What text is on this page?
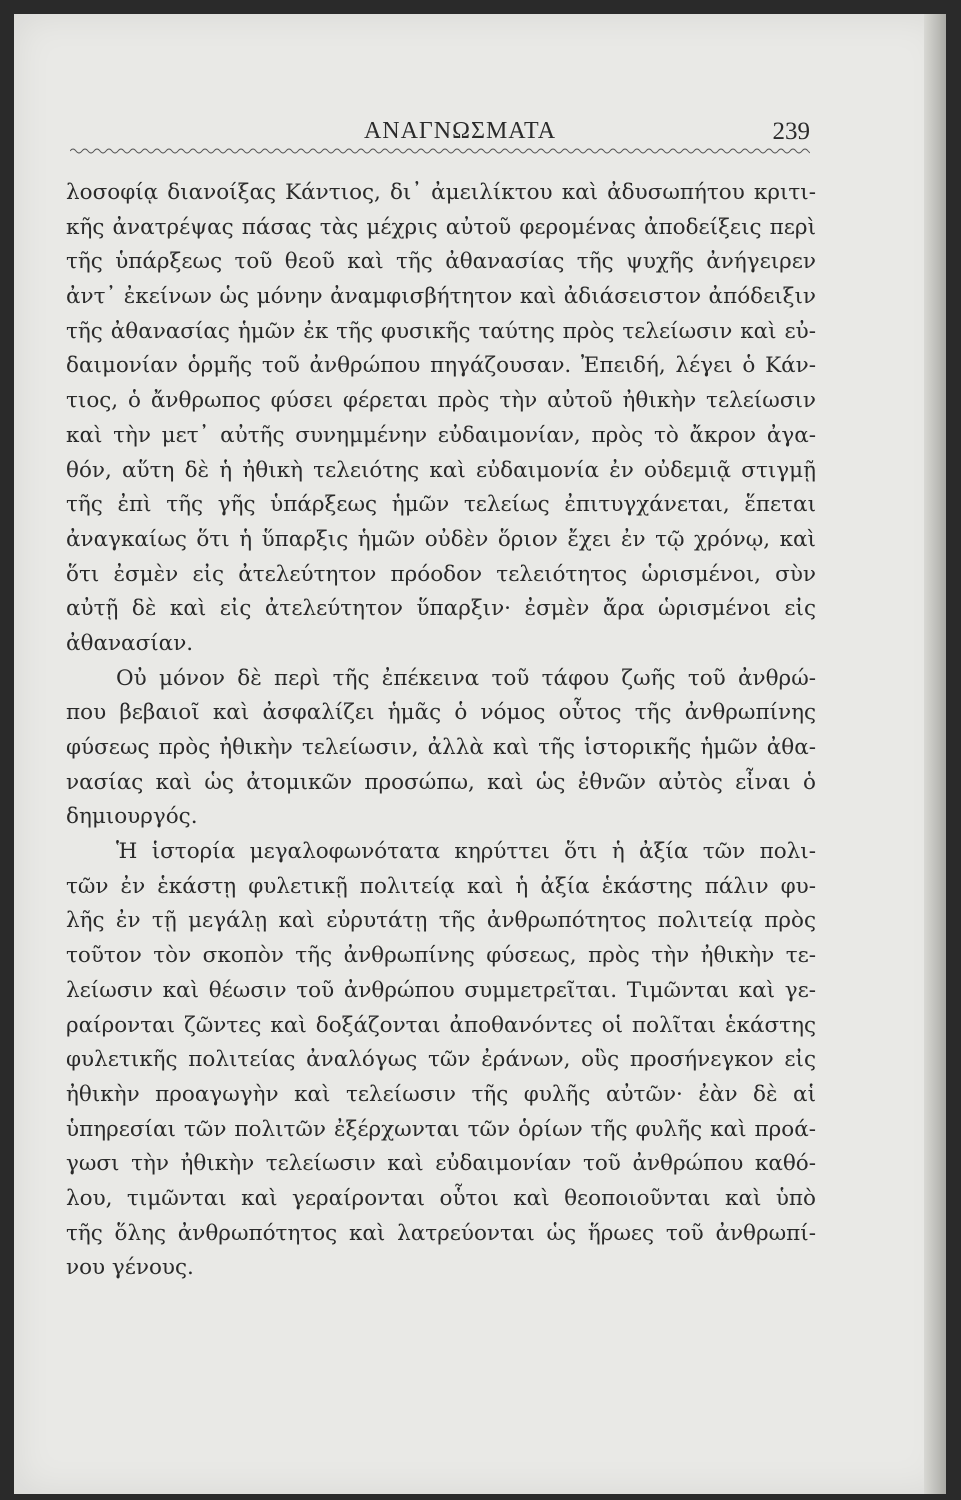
ΑΝΑΓΝΩΣΜΑΤΑ	239
λοσοφίᾳ διανοίξας Κάντιος, δι᾽ ἀμειλίκτου καὶ ἀδυσωπήτου κριτι-
κῆς ἀνατρέψας πάσας τὰς μέχρις αὐτοῦ φερομένας ἀποδείξεις περὶ
τῆς ὑπάρξεως τοῦ θεοῦ καὶ τῆς ἀθανασίας τῆς ψυχῆς ἀνήγειρεν
ἀντ᾽ ἐκείνων ὡς μόνην ἀναμφισβήτητον καὶ ἀδιάσειστον ἀπόδειξιν
τῆς ἀθανασίας ἡμῶν ἐκ τῆς φυσικῆς ταύτης πρὸς τελείωσιν καὶ εὐ-
δαιμονίαν ὁρμῆς τοῦ ἀνθρώπου πηγάζουσαν. Ἐπειδή, λέγει ὁ Κάν-
τιος, ὁ ἄνθρωπος φύσει φέρεται πρὸς τὴν αὐτοῦ ἠθικὴν τελείωσιν
καὶ τὴν μετ᾽ αὐτῆς συνημμένην εὐδαιμονίαν, πρὸς τὸ ἄκρον ἀγα-
θόν, αὕτη δὲ ἡ ἠθικὴ τελειότης καὶ εὐδαιμονία ἐν οὐδεμιᾷ στιγμῇ
τῆς ἐπὶ τῆς γῆς ὑπάρξεως ἡμῶν τελείως ἐπιτυγχάνεται, ἕπεται
ἀναγκαίως ὅτι ἡ ὕπαρξις ἡμῶν οὐδὲν ὅριον ἔχει ἐν τῷ χρόνῳ, καὶ
ὅτι ἐσμὲν εἰς ἀτελεύτητον πρόοδον τελειότητος ὡρισμένοι, σὺν
αὐτῇ δὲ καὶ εἰς ἀτελεύτητον ὕπαρξιν· ἐσμὲν ἄρα ὡρισμένοι εἰς
ἀθανασίαν.
Οὐ μόνον δὲ περὶ τῆς ἐπέκεινα τοῦ τάφου ζωῆς τοῦ ἀνθρώ-
που βεβαιοῖ καὶ ἀσφαλίζει ἡμᾶς ὁ νόμος οὗτος τῆς ἀνθρωπίνης
φύσεως πρὸς ἠθικὴν τελείωσιν, ἀλλὰ καὶ τῆς ἱστορικῆς ἡμῶν ἀθα-
νασίας καὶ ὡς ἀτομικῶν προσώπω, καὶ ὡς ἐθνῶν αὐτὸς εἶναι ὁ
δημιουργός.
Ἡ ἱστορία μεγαλοφωνότατα κηρύττει ὅτι ἡ ἀξία τῶν πολι-
τῶν ἐν ἑκάστῃ φυλετικῇ πολιτείᾳ καὶ ἡ ἀξία ἑκάστης πάλιν φυ-
λῆς ἐν τῇ μεγάλῃ καὶ εὐρυτάτῃ τῆς ἀνθρωπότητος πολιτείᾳ πρὸς
τοῦτον τὸν σκοπὸν τῆς ἀνθρωπίνης φύσεως, πρὸς τὴν ἠθικὴν τε-
λείωσιν καὶ θέωσιν τοῦ ἀνθρώπου συμμετρεῖται. Τιμῶνται καὶ γε-
ραίρονται ζῶντες καὶ δοξάζονται ἀποθανόντες οἱ πολῖται ἑκάστης
φυλετικῆς πολιτείας ἀναλόγως τῶν ἐράνων, οὓς προσήνεγκον εἰς
ἠθικὴν προαγωγὴν καὶ τελείωσιν τῆς φυλῆς αὐτῶν· ἐὰν δὲ αἱ
ὑπηρεσίαι τῶν πολιτῶν ἐξέρχωνται τῶν ὁρίων τῆς φυλῆς καὶ προά-
γωσι τὴν ἠθικὴν τελείωσιν καὶ εὐδαιμονίαν τοῦ ἀνθρώπου καθό-
λου, τιμῶνται καὶ γεραίρονται οὗτοι καὶ θεοποιοῦνται καὶ ὑπὸ
τῆς ὅλης ἀνθρωπότητος καὶ λατρεύονται ὡς ἥρωες τοῦ ἀνθρωπί-
νου γένους.
